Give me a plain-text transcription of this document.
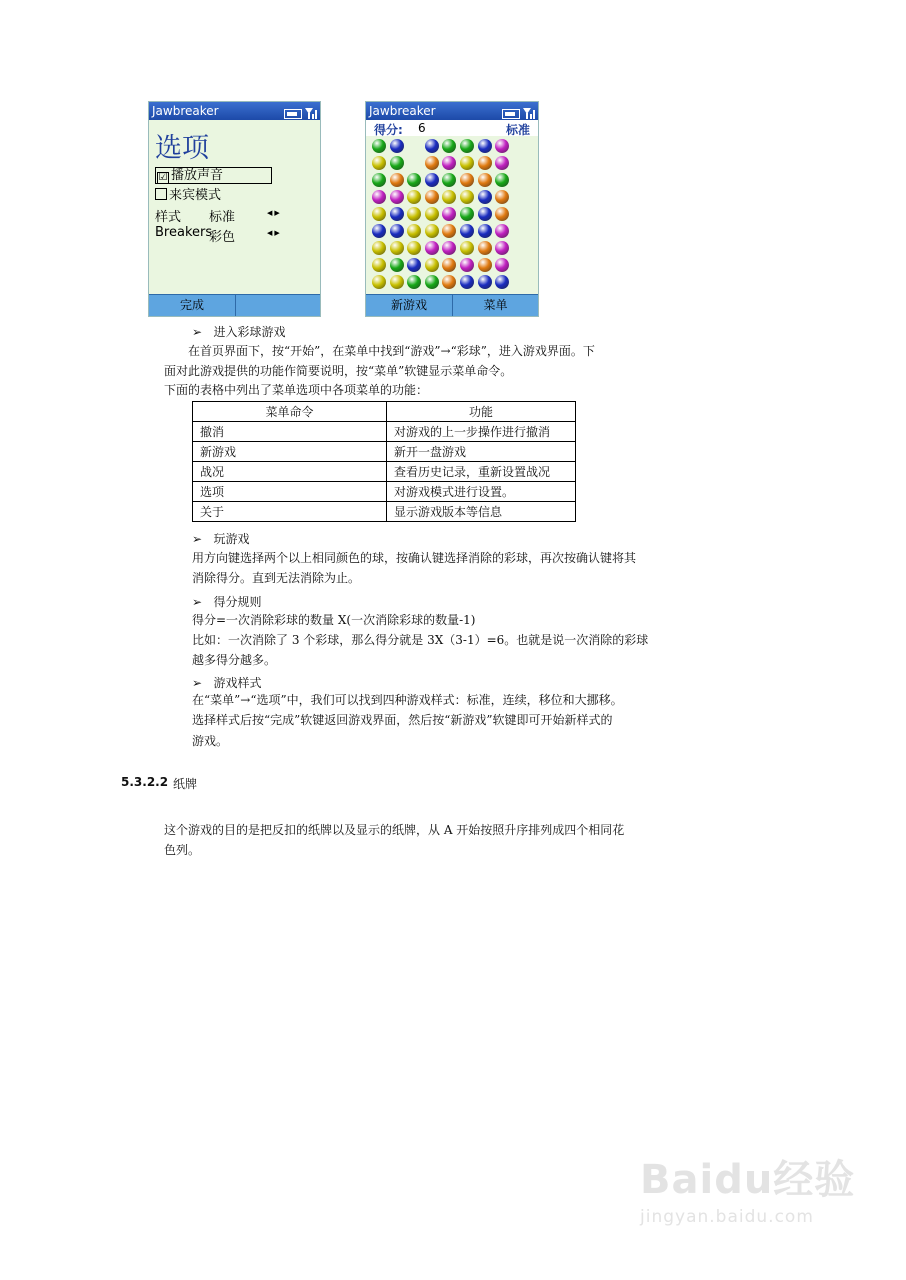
Jawbreaker
选项
☑ 播放声音
来宾模式
样式 标准	◀▶
Breakers
彩色	◀▶
完成
Jawbreaker
得分: 6	标准
新游戏	菜单
➢ 进入彩球游戏
在首页界面下，按“开始”，在菜单中找到“游戏”→“彩球”，进入游戏界面。下
面对此游戏提供的功能作简要说明，按“菜单”软键显示菜单命令。
下面的表格中列出了菜单选项中各项菜单的功能：
菜单命令	功能
撤消	对游戏的上一步操作进行撤消
新游戏	新开一盘游戏
战况	查看历史记录，重新设置战况
选项	对游戏模式进行设置。
关于	显示游戏版本等信息
➢ 玩游戏
用方向键选择两个以上相同颜色的球，按确认键选择消除的彩球，再次按确认键将其
消除得分。直到无法消除为止。
➢ 得分规则
得分=一次消除彩球的数量 X(一次消除彩球的数量-1)
比如：一次消除了 3 个彩球，那么得分就是 3X（3-1）=6。也就是说一次消除的彩球
越多得分越多。
➢ 游戏样式
在“菜单”→“选项”中，我们可以找到四种游戏样式：标准，连续，移位和大挪移。
选择样式后按“完成”软键返回游戏界面，然后按“新游戏”软键即可开始新样式的
游戏。
5.3.2.2 纸牌
这个游戏的目的是把反扣的纸牌以及显示的纸牌，从 A 开始按照升序排列成四个相同花
色列。
Baidu经验
jingyan.baidu.com
